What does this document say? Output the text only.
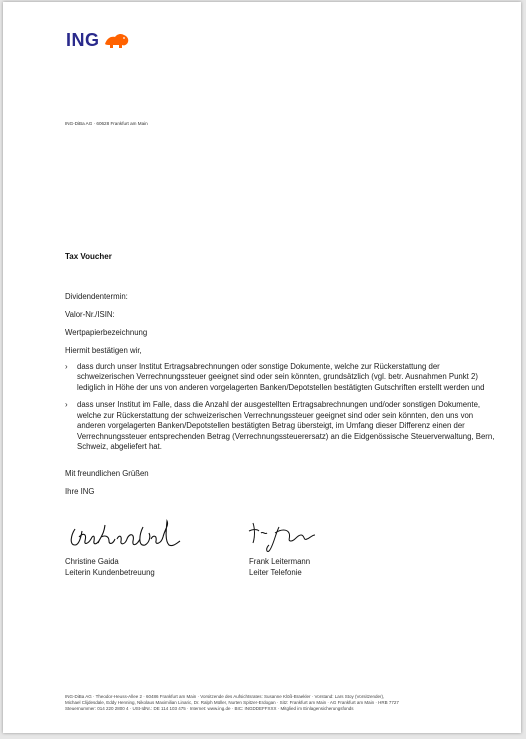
ING
ING-DiBa AG · 60628 Frankfurt am Main
Tax Voucher

Dividendentermin:

Valor-Nr./ISIN:

Wertpapierbezeichnung

Hiermit bestätigen wir,

› dass durch unser Institut Ertragsabrechnungen oder sonstige Dokumente, welche zur Rückerstattung der schweizerischen Verrechnungssteuer geeignet sind oder sein könnten, grundsätzlich (vgl. betr. Ausnahmen Punkt 2) lediglich in Höhe der uns von anderen vorgelagerten Banken/Depotstellen bestätigten Gutschriften erstellt werden und
› dass unser Institut im Falle, dass die Anzahl der ausgestellten Ertragsabrechnungen und/oder sonstigen Dokumente, welche zur Rückerstattung der schweizerischen Verrechnungssteuer geeignet sind oder sein könnten, den uns von anderen vorgelagerten Banken/Depotstellen bestätigten Betrag übersteigt, im Umfang dieser Differenz einen der Verrechnungssteuer entsprechenden Betrag (Verrechnungssteuerersatz) an die Eidgenössische Steuerverwaltung, Bern, Schweiz, abgeliefert hat.

Mit freundlichen Grüßen

Ihre ING

Christine Gaida
Leiterin Kundenbetreuung
Frank Leitermann
Leiter Telefonie
ING-DiBa AG · Theodor-Heuss-Allee 2 · 60486 Frankfurt am Main · Vorsitzende des Aufsichtsrates: Susanne Klöß-Braekler · Vorstand: Lars Stoy (Vorsitzender),
Michael Clijdesdale, Eddy Henning, Nikolaus Maximilian Linaric, Dr. Ralph Müller, Nurten Spitzer-Erdogan · Sitz: Frankfurt am Main · AG Frankfurt am Main · HRB 7727
Steuernummer: 014 220 2800 4 · USt-IdNr.: DE 114 103 475 · Internet: www.ing.de · BIC: INGDDEFFXXX · Mitglied im Einlagensicherungsfonds
